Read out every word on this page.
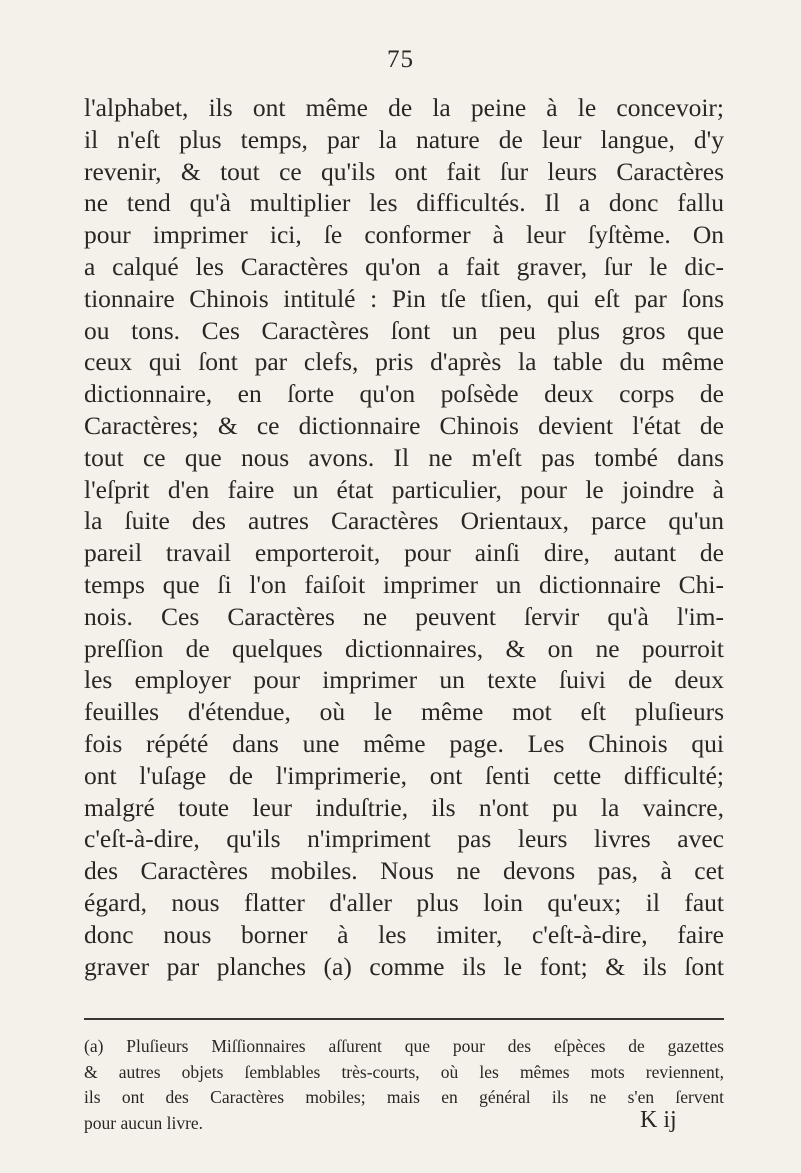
75
l'alphabet, ils ont même de la peine à le concevoir;
il n'eſt plus temps, par la nature de leur langue, d'y
revenir, & tout ce qu'ils ont fait ſur leurs Caractères
ne tend qu'à multiplier les difficultés. Il a donc fallu
pour imprimer ici, ſe conformer à leur ſyſtème. On
a calqué les Caractères qu'on a fait graver, ſur le dic-
tionnaire Chinois intitulé : Pin tſe tſien, qui eſt par ſons
ou tons. Ces Caractères ſont un peu plus gros que
ceux qui ſont par clefs, pris d'après la table du même
dictionnaire, en ſorte qu'on poſsède deux corps de
Caractères; & ce dictionnaire Chinois devient l'état de
tout ce que nous avons. Il ne m'eſt pas tombé dans
l'eſprit d'en faire un état particulier, pour le joindre à
la ſuite des autres Caractères Orientaux, parce qu'un
pareil travail emporteroit, pour ainſi dire, autant de
temps que ſi l'on faiſoit imprimer un dictionnaire Chi-
nois. Ces Caractères ne peuvent ſervir qu'à l'im-
preſſion de quelques dictionnaires, & on ne pourroit
les employer pour imprimer un texte ſuivi de deux
feuilles d'étendue, où le même mot eſt pluſieurs
fois répété dans une même page. Les Chinois qui
ont l'uſage de l'imprimerie, ont ſenti cette difficulté;
malgré toute leur induſtrie, ils n'ont pu la vaincre,
c'eſt-à-dire, qu'ils n'impriment pas leurs livres avec
des Caractères mobiles. Nous ne devons pas, à cet
égard, nous flatter d'aller plus loin qu'eux; il faut
donc nous borner à les imiter, c'eſt-à-dire, faire
graver par planches (a) comme ils le font; & ils ſont
(a) Pluſieurs Miſſionnaires aſſurent que pour des eſpèces de gazettes
& autres objets ſemblables très-courts, où les mêmes mots reviennent,
ils ont des Caractères mobiles; mais en général ils ne s'en ſervent
pour aucun livre.	K ij
